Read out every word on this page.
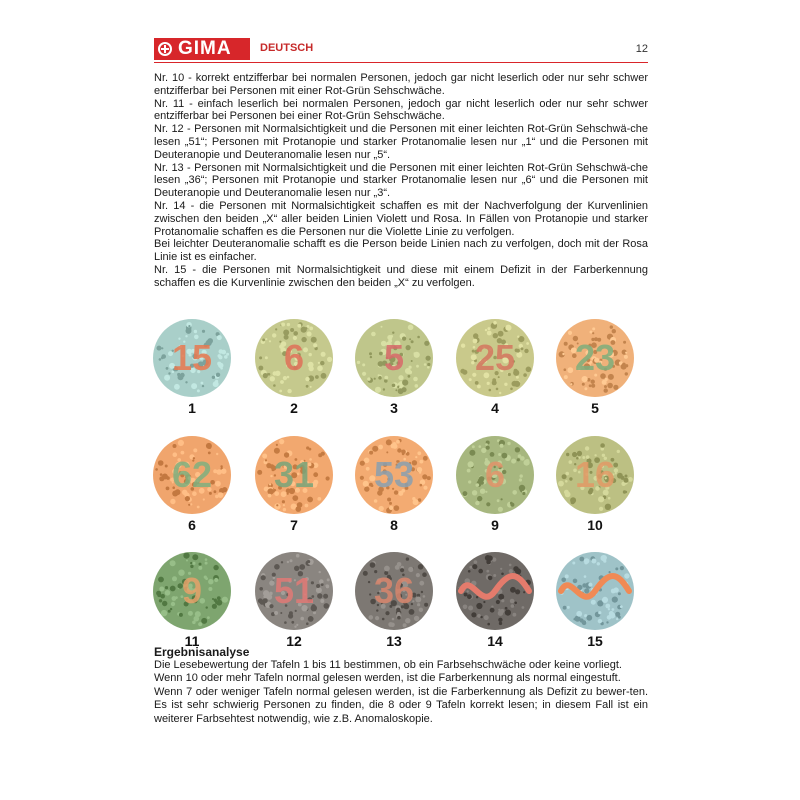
GIMA	DEUTSCH	12

Nr. 10 - korrekt entzifferbar bei normalen Personen, jedoch gar nicht leserlich oder nur sehr schwer entzifferbar bei Personen mit einer Rot-Grün Sehschwäche.

Nr. 11 - einfach leserlich bei normalen Personen, jedoch gar nicht leserlich oder nur sehr schwer entzifferbar bei Personen bei einer Rot-Grün Sehschwäche.

Nr. 12 - Personen mit Normalsichtigkeit und die Personen mit einer leichten Rot-Grün Sehschwä-che lesen „51“; Personen mit Protanopie und starker Protanomalie lesen nur „1“ und die Personen mit Deuteranopie und Deuteranomalie lesen nur „5“.

Nr. 13 - Personen mit Normalsichtigkeit und die Personen mit einer leichten Rot-Grün Sehschwä-che lesen „36“; Personen mit Protanopie und starker Protanomalie lesen nur „6“ und die Personen mit Deuteranopie und Deuteranomalie lesen nur „3“.

Nr. 14 - die Personen mit Normalsichtigkeit schaffen es mit der Nachverfolgung der Kurvenlinien zwischen den beiden „X“ aller beiden Linien Violett und Rosa. In Fällen von Protanopie und starker Protanomalie schaffen es die Personen nur die Violette Linie zu verfolgen.

Bei leichter Deuteranomalie schafft es die Person beide Linien nach zu verfolgen, doch mit der Rosa Linie ist es einfacher.

Nr. 15 - die Personen mit Normalsichtigkeit und diese mit einem Defizit in der Farberkennung schaffen es die Kurvenlinie zwischen den beiden „X“ zu verfolgen.

15
1
6
2
5
3
25
4
23
5
62
6
31
7
53
8
6
9
16
10
9
11
51
12
36
13	14	15
Ergebnisanalyse

Die Lesebewertung der Tafeln 1 bis 11 bestimmen, ob ein Farbsehschwäche oder keine vorliegt.

Wenn 10 oder mehr Tafeln normal gelesen werden, ist die Farberkennung als normal eingestuft.

Wenn 7 oder weniger Tafeln normal gelesen werden, ist die Farberkennung als Defizit zu bewer-ten. Es ist sehr schwierig Personen zu finden, die 8 oder 9 Tafeln korrekt lesen; in diesem Fall ist ein weiterer Farbsehtest notwendig, wie z.B. Anomaloskopie.
